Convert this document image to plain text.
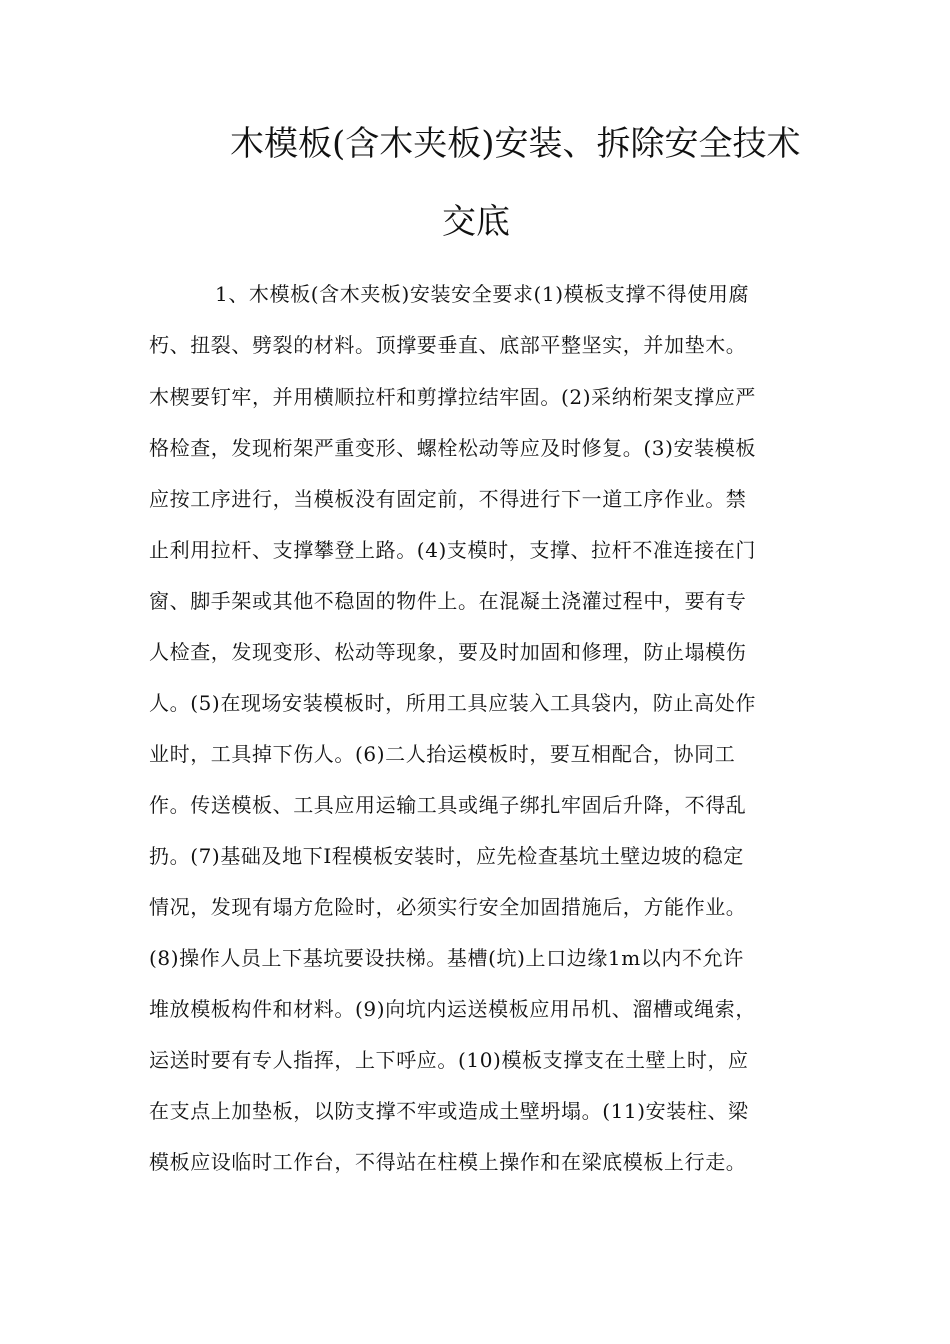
木模板(含木夹板)安装、拆除安全技术
交底
1、木模板(含木夹板)安装安全要求(1)模板支撑不得使用腐
朽、扭裂、劈裂的材料。顶撑要垂直、底部平整坚实，并加垫木。
木楔要钉牢，并用横顺拉杆和剪撑拉结牢固。(2)采纳桁架支撑应严
格检查，发现桁架严重变形、螺栓松动等应及时修复。(3)安装模板
应按工序进行，当模板没有固定前，不得进行下一道工序作业。禁
止利用拉杆、支撑攀登上路。(4)支模时，支撑、拉杆不准连接在门
窗、脚手架或其他不稳固的物件上。在混凝土浇灌过程中，要有专
人检查，发现变形、松动等现象，要及时加固和修理，防止塌模伤
人。(5)在现场安装模板时，所用工具应装入工具袋内，防止高处作
业时，工具掉下伤人。(6)二人抬运模板时，要互相配合，协同工
作。传送模板、工具应用运输工具或绳子绑扎牢固后升降，不得乱
扔。(7)基础及地下I程模板安装时，应先检查基坑土壁边坡的稳定
情况，发现有塌方危险时，必须实行安全加固措施后，方能作业。
(8)操作人员上下基坑要设扶梯。基槽(坑)上口边缘1m以内不允许
堆放模板构件和材料。(9)向坑内运送模板应用吊机、溜槽或绳索，
运送时要有专人指挥，上下呼应。(10)模板支撑支在土壁上时，应
在支点上加垫板，以防支撑不牢或造成土壁坍塌。(11)安装柱、梁
模板应设临时工作台，不得站在柱模上操作和在梁底模板上行走。
